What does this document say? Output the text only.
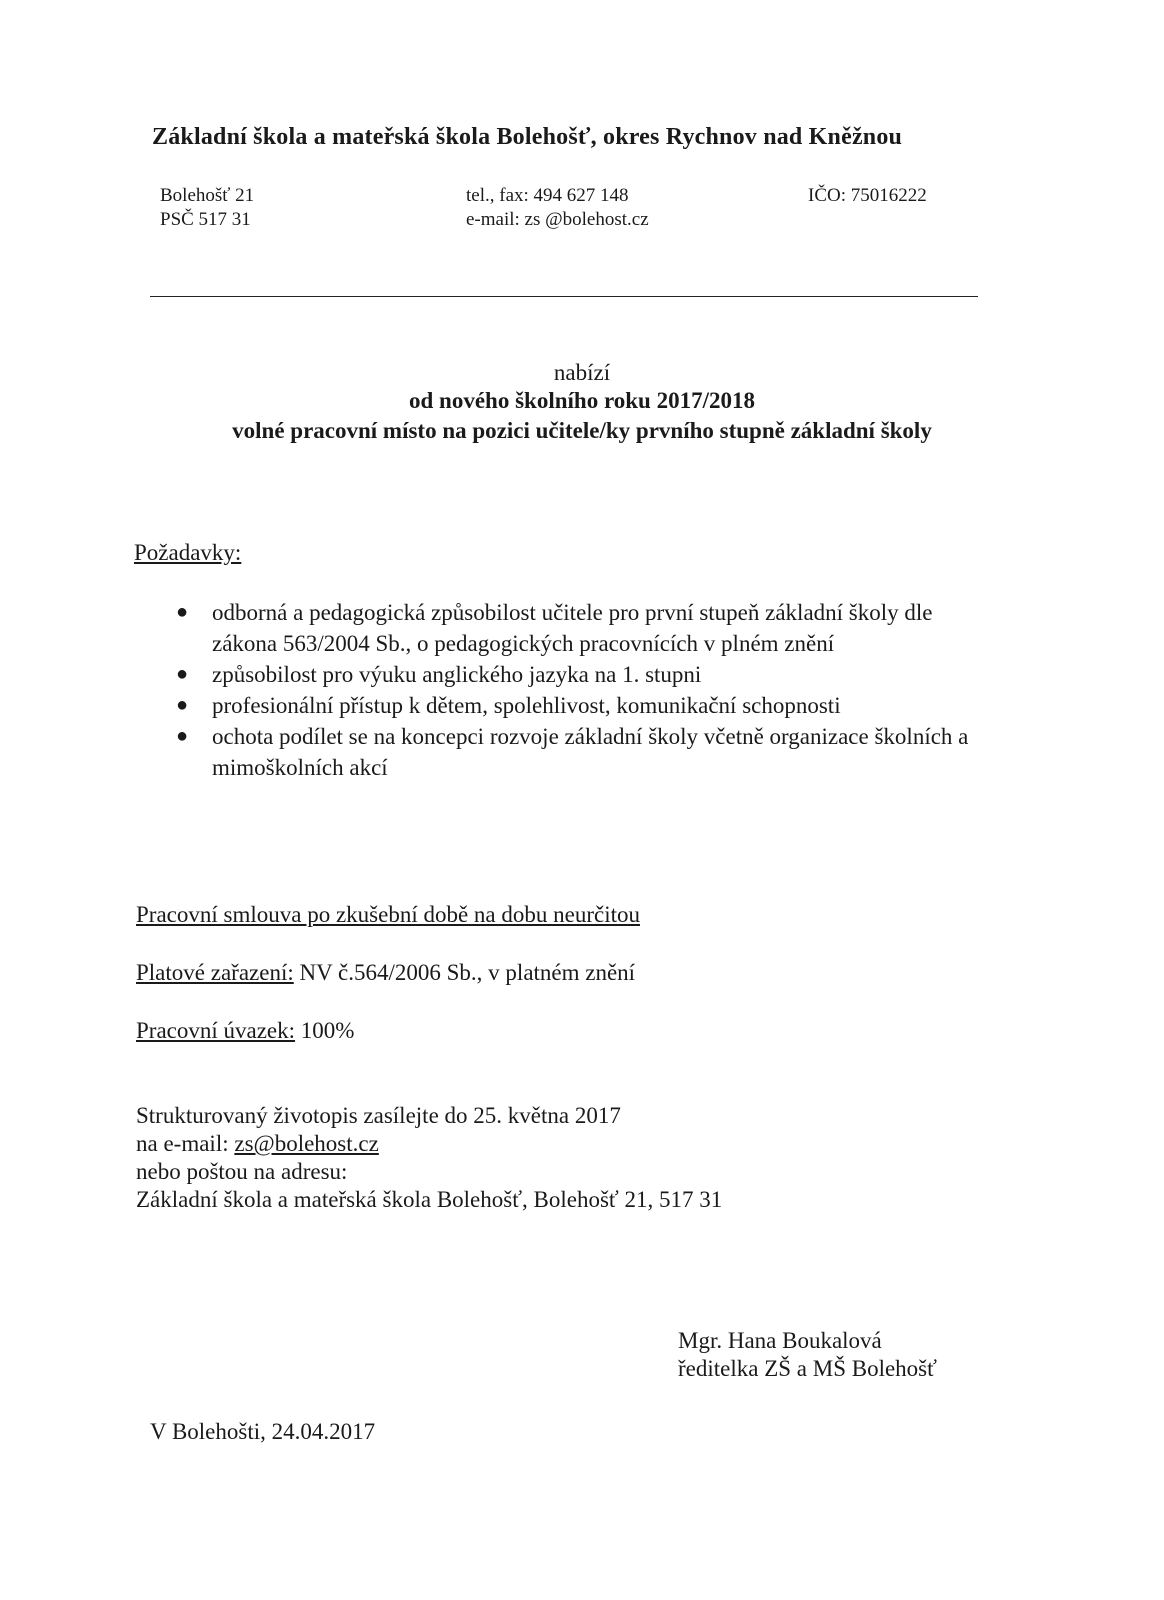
Základní škola a mateřská škola Bolehošť, okres Rychnov nad Kněžnou
Bolehošť 21
PSČ 517 31
tel., fax: 494 627 148
e-mail: zs @bolehost.cz
IČO: 75016222
nabízí
od nového školního roku 2017/2018
volné pracovní místo na pozici učitele/ky prvního stupně základní školy
Požadavky:
● odborná a pedagogická způsobilost učitele pro první stupeň základní školy dle zákona 563/2004 Sb., o pedagogických pracovnících v plném znění
● způsobilost pro výuku anglického jazyka na 1. stupni
● profesionální přístup k dětem, spolehlivost, komunikační schopnosti
● ochota podílet se na koncepci rozvoje základní školy včetně organizace školních a mimoškolních akcí
Pracovní smlouva po zkušební době na dobu neurčitou
Platové zařazení: NV č.564/2006 Sb., v platném znění
Pracovní úvazek: 100%
Strukturovaný životopis zasílejte do 25. května 2017
na e-mail: zs@bolehost.cz
nebo poštou na adresu:
Základní škola a mateřská škola Bolehošť, Bolehošť 21, 517 31
Mgr. Hana Boukalová
ředitelka ZŠ a MŠ Bolehošť
V Bolehošti, 24.04.2017
